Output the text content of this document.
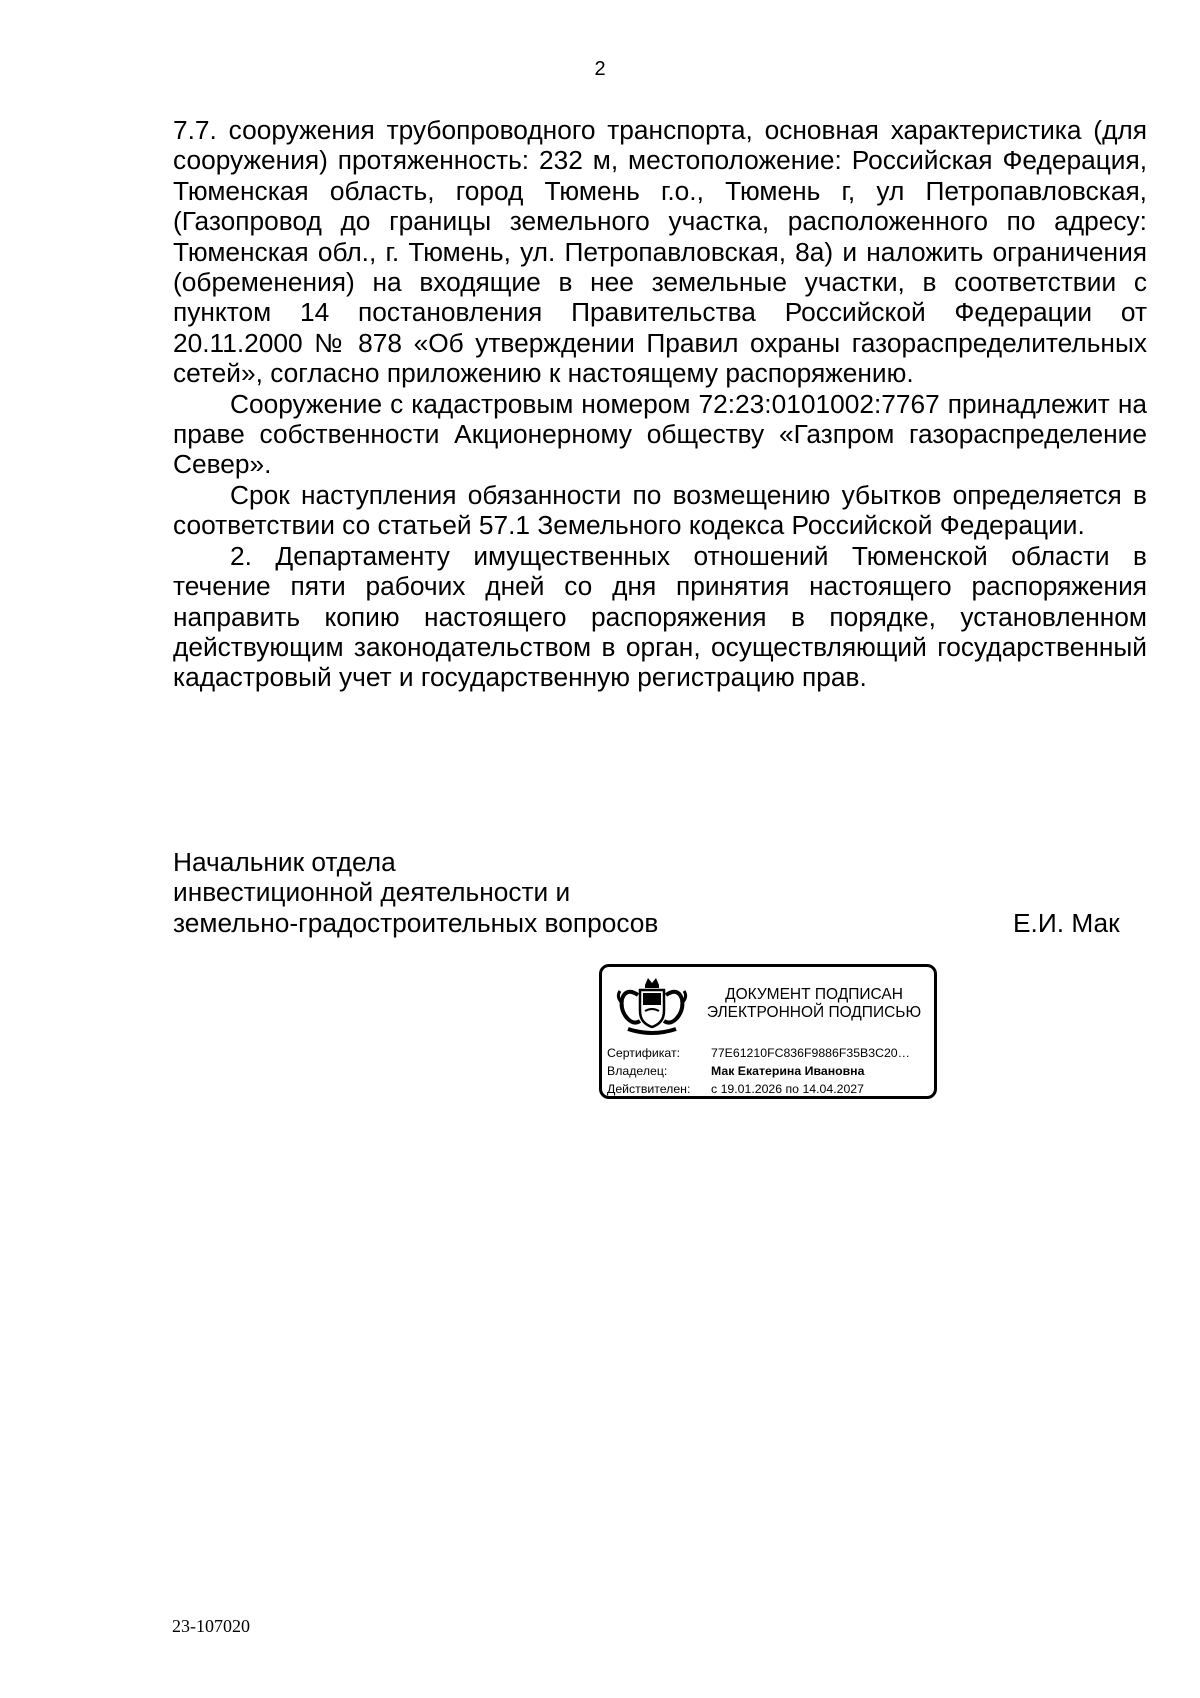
2

7.7. сооружения трубопроводного транспорта, основная характеристика (для сооружения) протяженность: 232 м, местоположение: Российская Федерация, Тюменская область, город Тюмень г.о., Тюмень г, ул Петропавловская, (Газопровод до границы земельного участка, расположенного по адресу: Тюменская обл., г. Тюмень, ул. Петропавловская, 8а) и наложить ограничения (обременения) на входящие в нее земельные участки, в соответствии с пунктом 14 постановления Правительства Российской Федерации от 20.11.2000 № 878 «Об утверждении Правил охраны газораспределительных сетей», согласно приложению к настоящему распоряжению.

Сооружение с кадастровым номером 72:23:0101002:7767 принадлежит на праве собственности Акционерному обществу «Газпром газораспределение Север».

Срок наступления обязанности по возмещению убытков определяется в соответствии со статьей 57.1 Земельного кодекса Российской Федерации.

2. Департаменту имущественных отношений Тюменской области в течение пяти рабочих дней со дня принятия настоящего распоряжения направить копию настоящего распоряжения в порядке, установленном действующим законодательством в орган, осуществляющий государственный кадастровый учет и государственную регистрацию прав.

Начальник отдела
инвестиционной деятельности и
земельно-градостроительных вопросов	Е.И. Мак
ДОКУМЕНТ ПОДПИСАН
ЭЛЕКТРОННОЙ ПОДПИСЬЮ
Сертификат:	77E61210FC836F9886F35B3C20…
Владелец:	Мак Екатерина Ивановна
Действителен:	с 19.01.2026 по 14.04.2027
23-107020
